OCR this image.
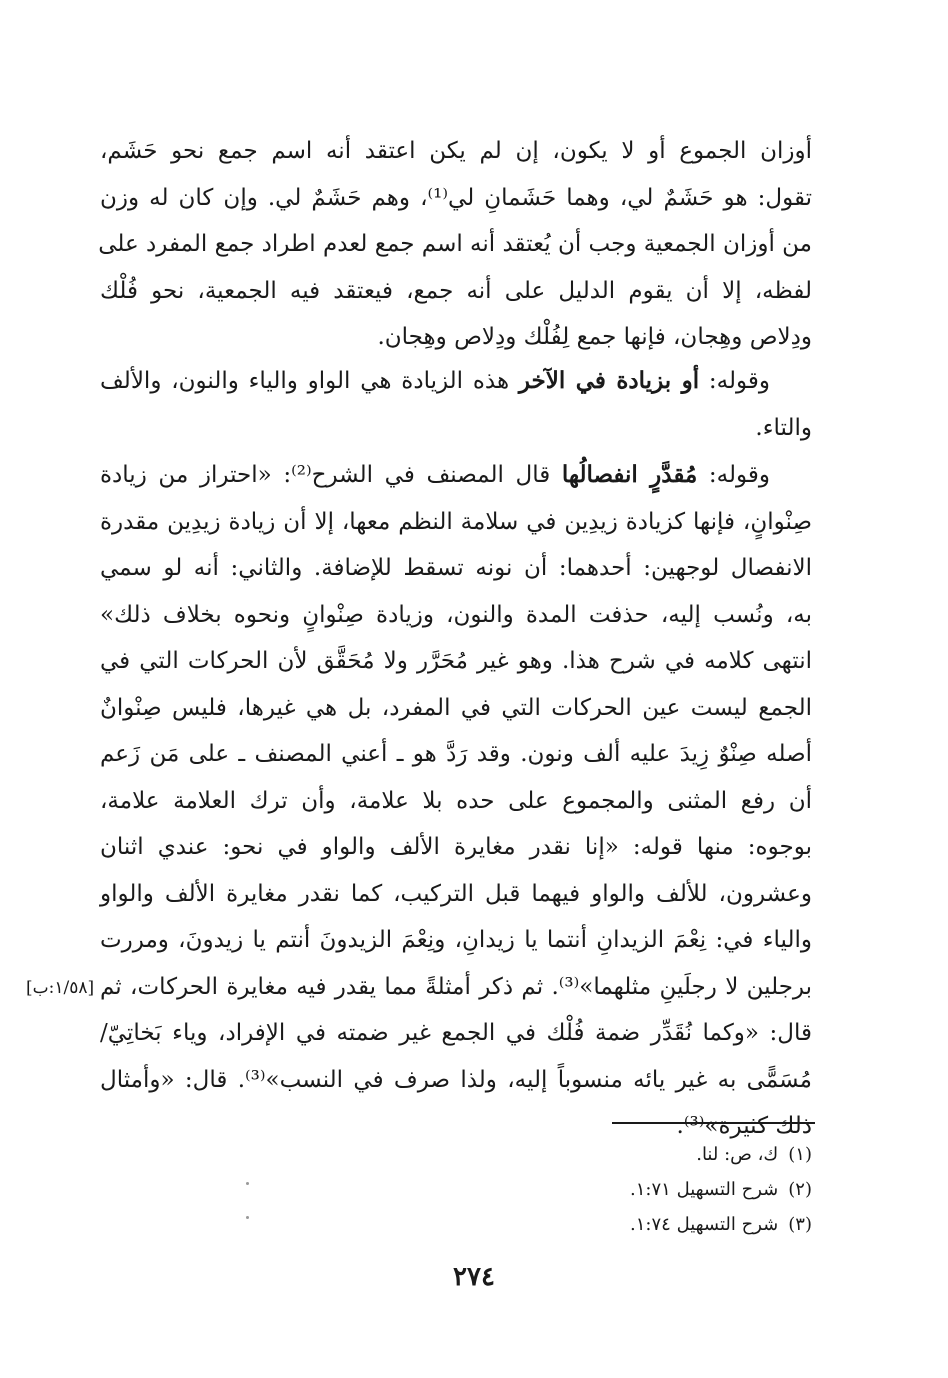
أوزان الجموع أو لا يكون، إن لم يكن اعتقد أنه اسم جمع نحو حَشَم،
تقول: هو حَشَمٌ لي، وهما حَشَمانِ لي⁽¹⁾، وهم حَشَمٌ لي. وإن كان له وزن
من أوزان الجمعية وجب أن يُعتقد أنه اسم جمع لعدم اطراد جمع المفرد على
لفظه، إلا أن يقوم الدليل على أنه جمع، فيعتقد فيه الجمعية، نحو فُلْك
ودِلاص وهِجان، فإنها جمع لِفُلْك ودِلاص وهِجان.
وقوله: أو بزيادة في الآخر هذه الزيادة هي الواو والياء والنون، والألف
والتاء.
وقوله: مُقدَّرٍ انفصالُها قال المصنف في الشرح⁽²⁾: «احتراز من زيادة
صِنْوانٍ، فإنها كزيادة زيدِين في سلامة النظم معها، إلا أن زيادة زيدِين مقدرة
الانفصال لوجهين: أحدهما: أن نونه تسقط للإضافة. والثاني: أنه لو سمي
به، ونُسب إليه، حذفت المدة والنون، وزيادة صِنْوانٍ ونحوه بخلاف ذلك»
انتهى كلامه في شرح هذا. وهو غير مُحَرَّر ولا مُحَقَّق لأن الحركات التي في
الجمع ليست عين الحركات التي في المفرد، بل هي غيرها، فليس صِنْوانٌ
أصله صِنْوٌ زِيدَ عليه ألف ونون. وقد رَدَّ هو ـ أعني المصنف ـ على مَن زَعم
أن رفع المثنى والمجموع على حده بلا علامة، وأن ترك العلامة علامة،
بوجوه: منها قوله: «إنا نقدر مغايرة الألف والواو في نحو: عندي اثنان
وعشرون، للألف والواو فيهما قبل التركيب، كما نقدر مغايرة الألف والواو
والياء في: نِعْمَ الزيدانِ أنتما يا زيدانِ، ونِعْمَ الزيدونَ أنتم يا زيدونَ، ومررت
برجلين لا رجلَينِ مثلهما»⁽³⁾. ثم ذكر أمثلةً مما يقدر فيه مغايرة الحركات، ثم
قال: «وكما نُقَدِّر ضمة فُلْك في الجمع غير ضمته في الإفراد، وياء بَخاتِيّ/
مُسَمًّى به غير يائه منسوباً إليه، ولذا صرف في النسب»⁽³⁾. قال: «وأمثال
ذلك كثيرة»⁽³⁾.
[١/٥٨:ب]
(١)ك، ص: لنا.
(٢)شرح التسهيل ١:٧١.
(٣)شرح التسهيل ١:٧٤.
٢٧٤
